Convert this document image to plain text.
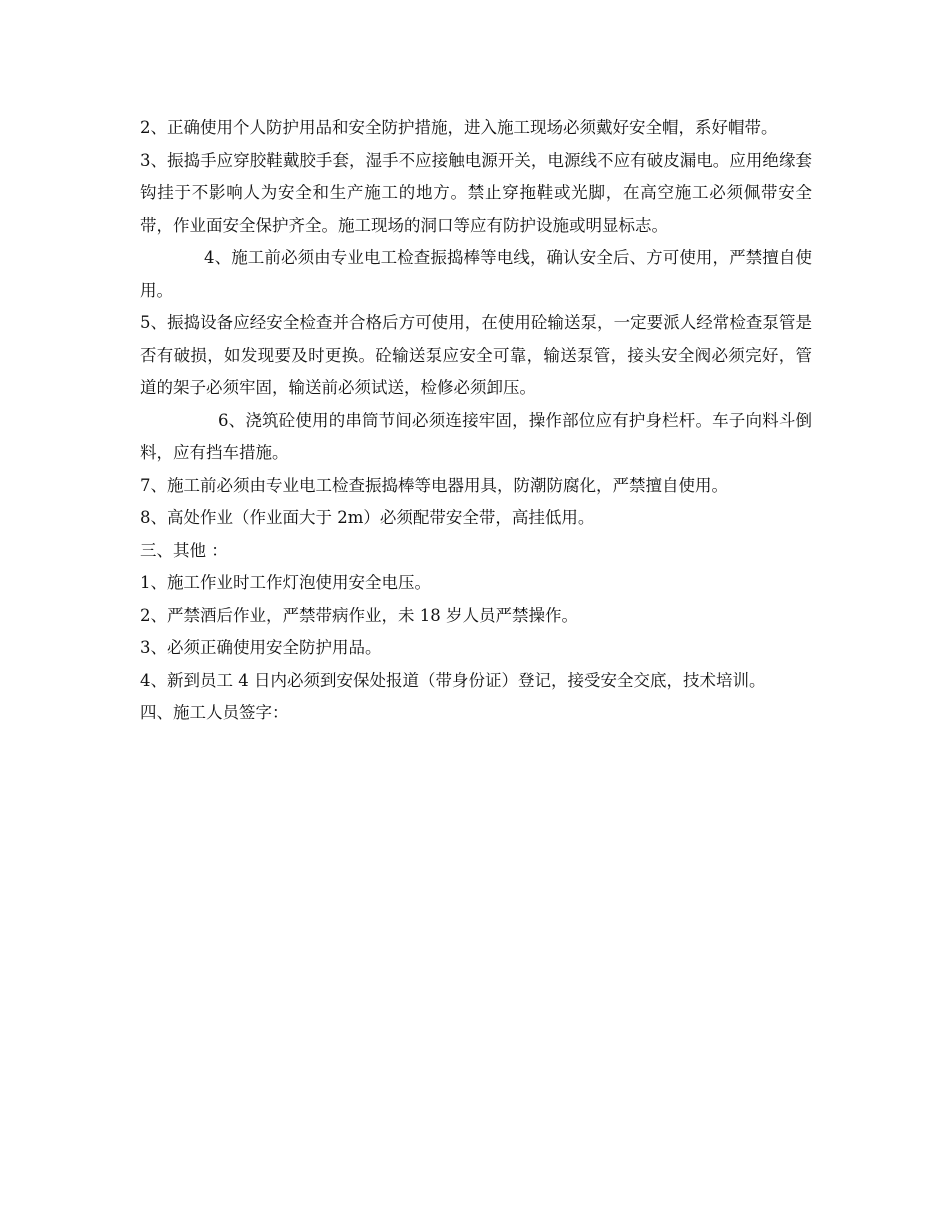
2、正确使用个人防护用品和安全防护措施，进入施工现场必须戴好安全帽，系好帽带。

3、振捣手应穿胶鞋戴胶手套，湿手不应接触电源开关，电源线不应有破皮漏电。应用绝缘套钩挂于不影响人为安全和生产施工的地方。禁止穿拖鞋或光脚，在高空施工必须佩带安全带，作业面安全保护齐全。施工现场的洞口等应有防护设施或明显标志。

4、施工前必须由专业电工检查振捣棒等电线，确认安全后、方可使用，严禁擅自使用。

5、振捣设备应经安全检查并合格后方可使用，在使用砼输送泵，一定要派人经常检查泵管是否有破损，如发现要及时更换。砼输送泵应安全可靠，输送泵管，接头安全阀必须完好，管道的架子必须牢固，输送前必须试送，检修必须卸压。

6、浇筑砼使用的串筒节间必须连接牢固，操作部位应有护身栏杆。车子向料斗倒料，应有挡车措施。

7、施工前必须由专业电工检查振捣棒等电器用具，防潮防腐化，严禁擅自使用。

8、高处作业（作业面大于 2m）必须配带安全带，高挂低用。

三、其他 ：

1、施工作业时工作灯泡使用安全电压。

2、严禁酒后作业，严禁带病作业，未 18 岁人员严禁操作。

3、必须正确使用安全防护用品。

4、新到员工 4 日内必须到安保处报道（带身份证）登记，接受安全交底，技术培训。

四、施工人员签字：
